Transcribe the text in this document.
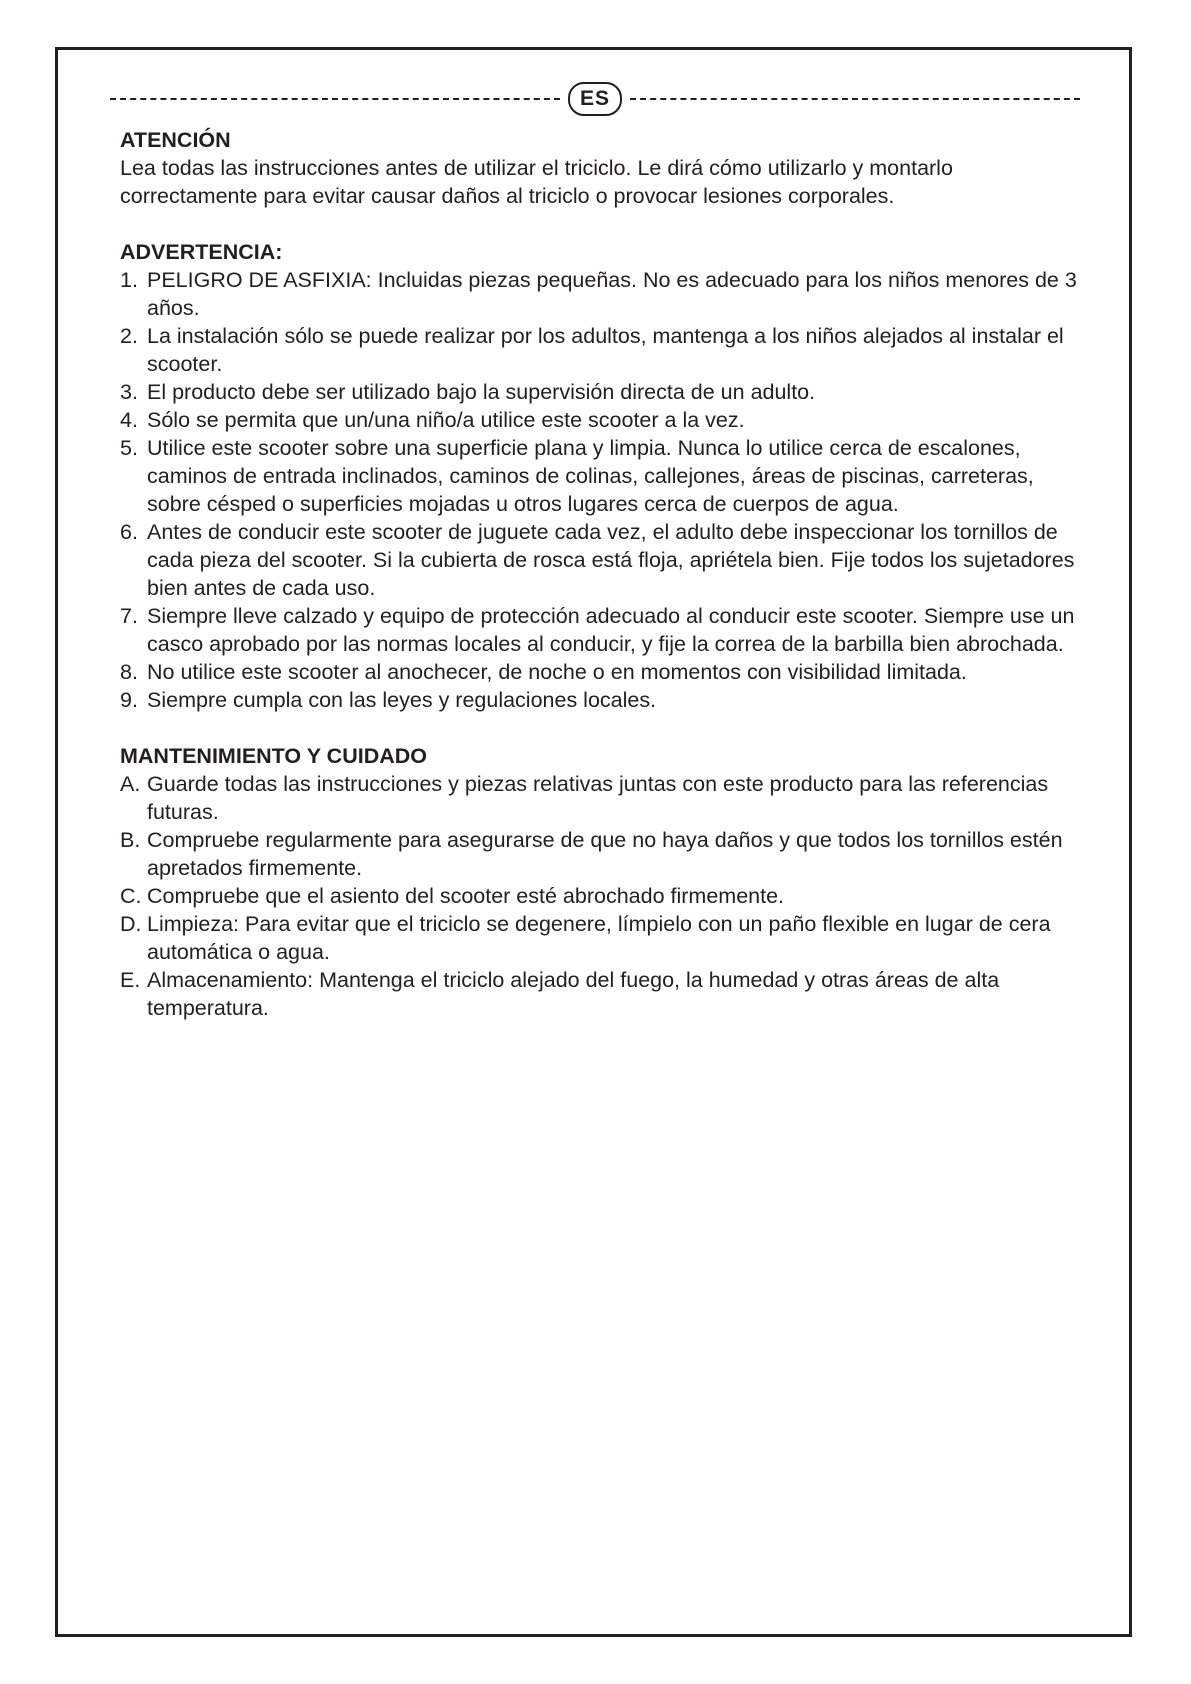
ES
ATENCIÓN

Lea todas las instrucciones antes de utilizar el triciclo. Le dirá cómo utilizarlo y montarlo correctamente para evitar causar daños al triciclo o provocar lesiones corporales.

ADVERTENCIA:
1. PELIGRO DE ASFIXIA: Incluidas piezas pequeñas. No es adecuado para los niños menores de 3 años.
2. La instalación sólo se puede realizar por los adultos, mantenga a los niños alejados al instalar el scooter.
3. El producto debe ser utilizado bajo la supervisión directa de un adulto.
4. Sólo se permita que un/una niño/a utilice este scooter a la vez.
5. Utilice este scooter sobre una superficie plana y limpia. Nunca lo utilice cerca de escalones, caminos de entrada inclinados, caminos de colinas, callejones, áreas de piscinas, carreteras, sobre césped o superficies mojadas u otros lugares cerca de cuerpos de agua.
6. Antes de conducir este scooter de juguete cada vez, el adulto debe inspeccionar los tornillos de cada pieza del scooter. Si la cubierta de rosca está floja, apriétela bien. Fije todos los sujetadores bien antes de cada uso.
7. Siempre lleve calzado y equipo de protección adecuado al conducir este scooter. Siempre use un casco aprobado por las normas locales al conducir, y fije la correa de la barbilla bien abrochada.
8. No utilice este scooter al anochecer, de noche o en momentos con visibilidad limitada.
9. Siempre cumpla con las leyes y regulaciones locales.
MANTENIMIENTO Y CUIDADO
A. Guarde todas las instrucciones y piezas relativas juntas con este producto para las referencias futuras.
B. Compruebe regularmente para asegurarse de que no haya daños y que todos los tornillos estén apretados firmemente.
C. Compruebe que el asiento del scooter esté abrochado firmemente.
D. Limpieza: Para evitar que el triciclo se degenere, límpielo con un paño flexible en lugar de cera automática o agua.
E. Almacenamiento: Mantenga el triciclo alejado del fuego, la humedad y otras áreas de alta temperatura.
